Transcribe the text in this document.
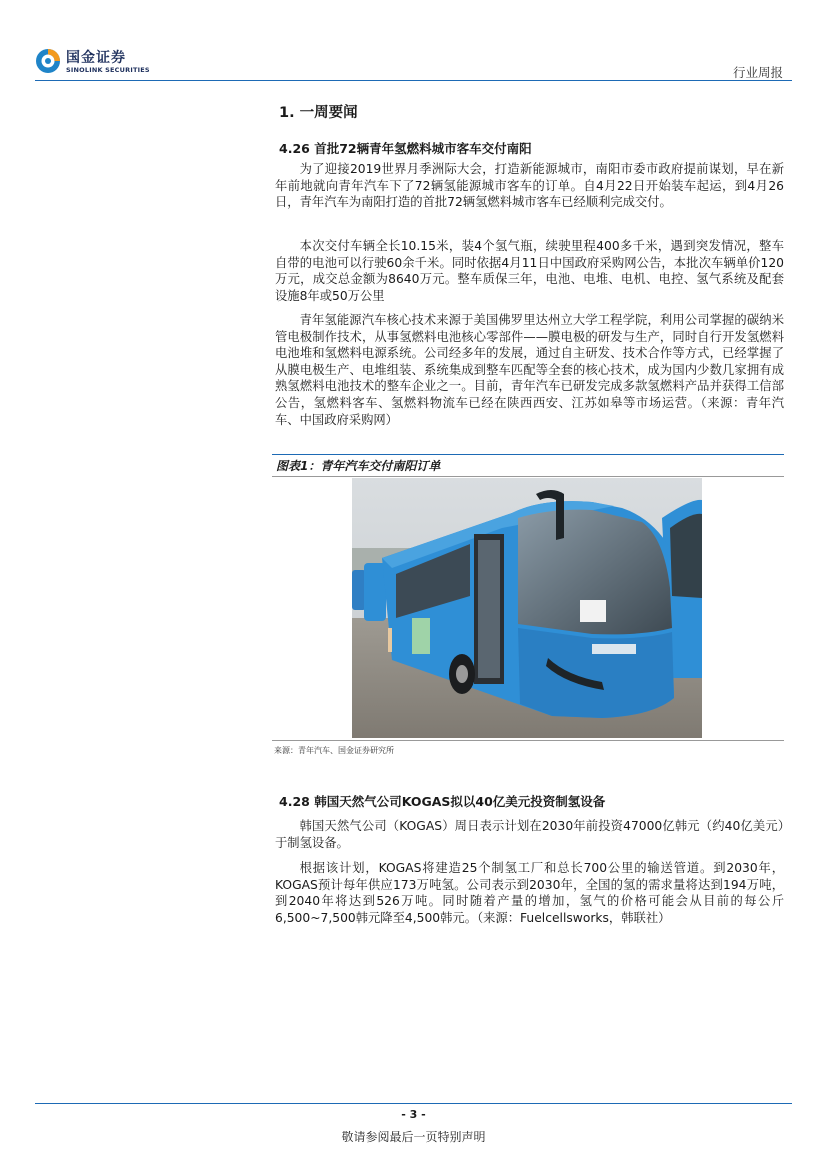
国金证券
SINOLINK SECURITIES	行业周报
1. 一周要闻
4.26 首批72辆青年氢燃料城市客车交付南阳

为了迎接2019世界月季洲际大会，打造新能源城市，南阳市委市政府提前谋划，早在新年前地就向青年汽车下了72辆氢能源城市客车的订单。自4月22日开始装车起运，到4月26日，青年汽车为南阳打造的首批72辆氢燃料城市客车已经顺利完成交付。

本次交付车辆全长10.15米，装4个氢气瓶，续驶里程400多千米，遇到突发情况，整车自带的电池可以行驶60余千米。同时依据4月11日中国政府采购网公告，本批次车辆单价120万元，成交总金额为8640万元。整车质保三年，电池、电堆、电机、电控、氢气系统及配套设施8年或50万公里

青年氢能源汽车核心技术来源于美国佛罗里达州立大学工程学院，利用公司掌握的碳纳米管电极制作技术，从事氢燃料电池核心零部件——膜电极的研发与生产，同时自行开发氢燃料电池堆和氢燃料电源系统。公司经多年的发展，通过自主研发、技术合作等方式，已经掌握了从膜电极生产、电堆组装、系统集成到整车匹配等全套的核心技术，成为国内少数几家拥有成熟氢燃料电池技术的整车企业之一。目前，青年汽车已研发完成多款氢燃料产品并获得工信部公告，氢燃料客车、氢燃料物流车已经在陕西西安、江苏如皋等市场运营。（来源：青年汽车、中国政府采购网）

图表1：青年汽车交付南阳订单
来源：青年汽车、国金证券研究所
4.28 韩国天然气公司KOGAS拟以40亿美元投资制氢设备

韩国天然气公司（KOGAS）周日表示计划在2030年前投资47000亿韩元（约40亿美元）于制氢设备。

根据该计划，KOGAS将建造25个制氢工厂和总长700公里的输送管道。到2030年，KOGAS预计每年供应173万吨氢。公司表示到2030年，全国的氢的需求量将达到194万吨，到2040年将达到526万吨。同时随着产量的增加，氢气的价格可能会从目前的每公斤6,500~7,500韩元降至4,500韩元。（来源：Fuelcellsworks，韩联社）

- 3 -
敬请参阅最后一页特别声明
